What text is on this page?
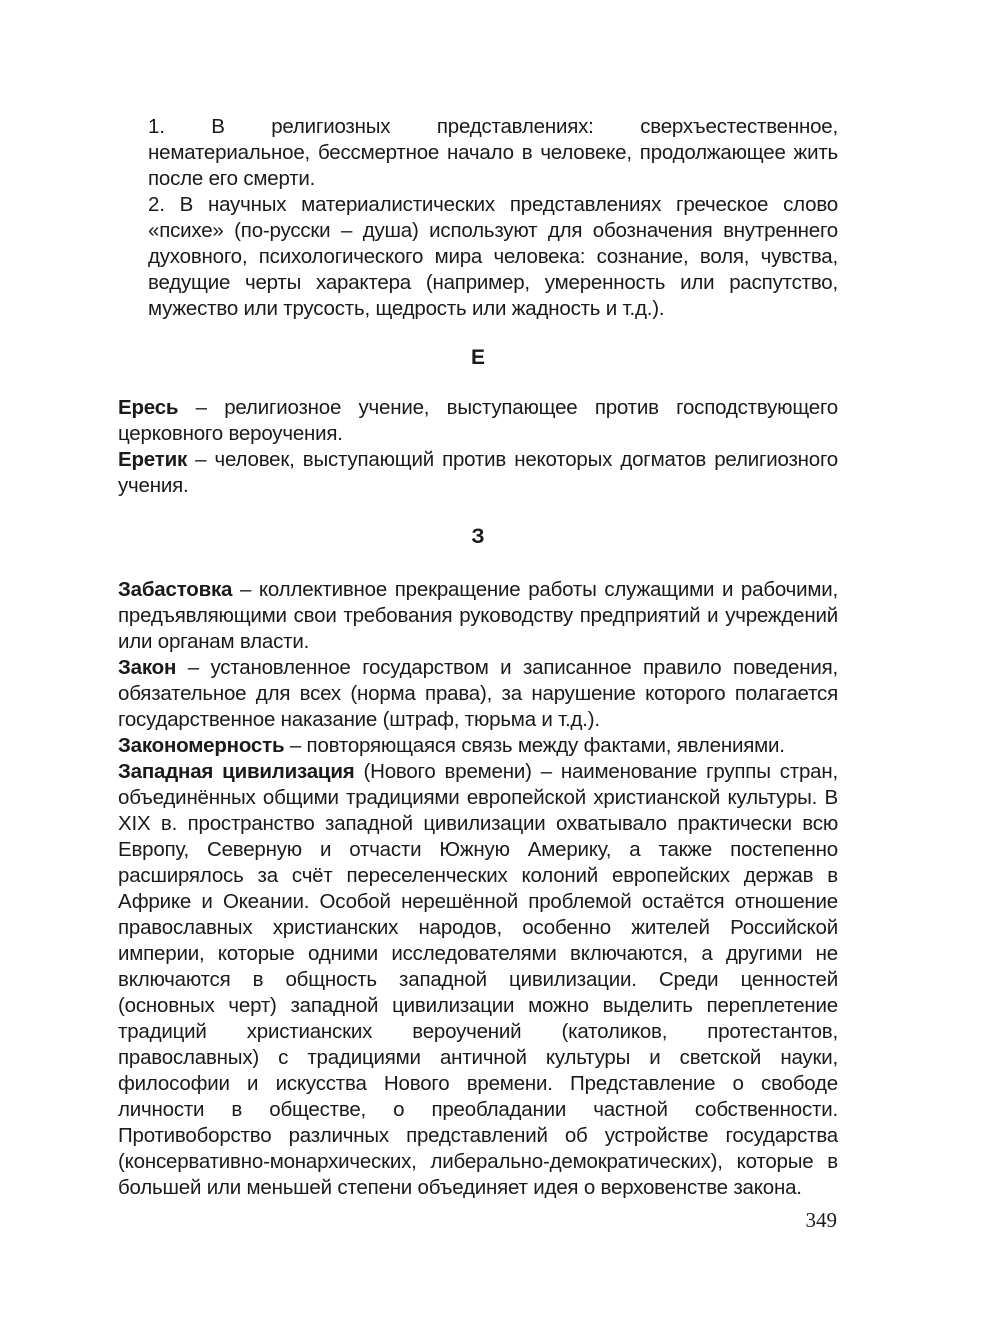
1. В религиозных представлениях: сверхъестественное, нематериальное, бессмертное начало в человеке, продолжающее жить после его смерти.

2. В научных материалистических представлениях греческое слово «психе» (по-русски – душа) используют для обозначения внутреннего духовного, психологического мира человека: сознание, воля, чувства, ведущие черты характера (например, умеренность или распутство, мужество или трусость, щедрость или жадность и т.д.).

Е

Ересь – религиозное учение, выступающее против господствующего церковного вероучения.

Еретик – человек, выступающий против некоторых догматов религиозного учения.

З

Забастовка – коллективное прекращение работы служащими и рабочими, предъявляющими свои требования руководству предприятий и учреждений или органам власти.

Закон – установленное государством и записанное правило поведения, обязательное для всех (норма права), за нарушение которого полагается государственное наказание (штраф, тюрьма и т.д.).

Закономерность – повторяющаяся связь между фактами, явлениями.

Западная цивилизация (Нового времени) – наименование группы стран, объединённых общими традициями европейской христианской культуры. В XIX в. пространство западной цивилизации охватывало практически всю Европу, Северную и отчасти Южную Америку, а также постепенно расширялось за счёт переселенческих колоний европейских держав в Африке и Океании. Особой нерешённой проблемой остаётся отношение православных христианских народов, особенно жителей Российской империи, которые одними исследователями включаются, а другими не включаются в общность западной цивилизации. Среди ценностей (основных черт) западной цивилизации можно выделить переплетение традиций христианских вероучений (католиков, протестантов, православных) с традициями античной культуры и светской науки, философии и искусства Нового времени. Представление о свободе личности в обществе, о преобладании частной собственности. Противоборство различных представлений об устройстве государства (консервативно-монархических, либерально-демократических), которые в большей или меньшей степени объединяет идея о верховенстве закона.

349
